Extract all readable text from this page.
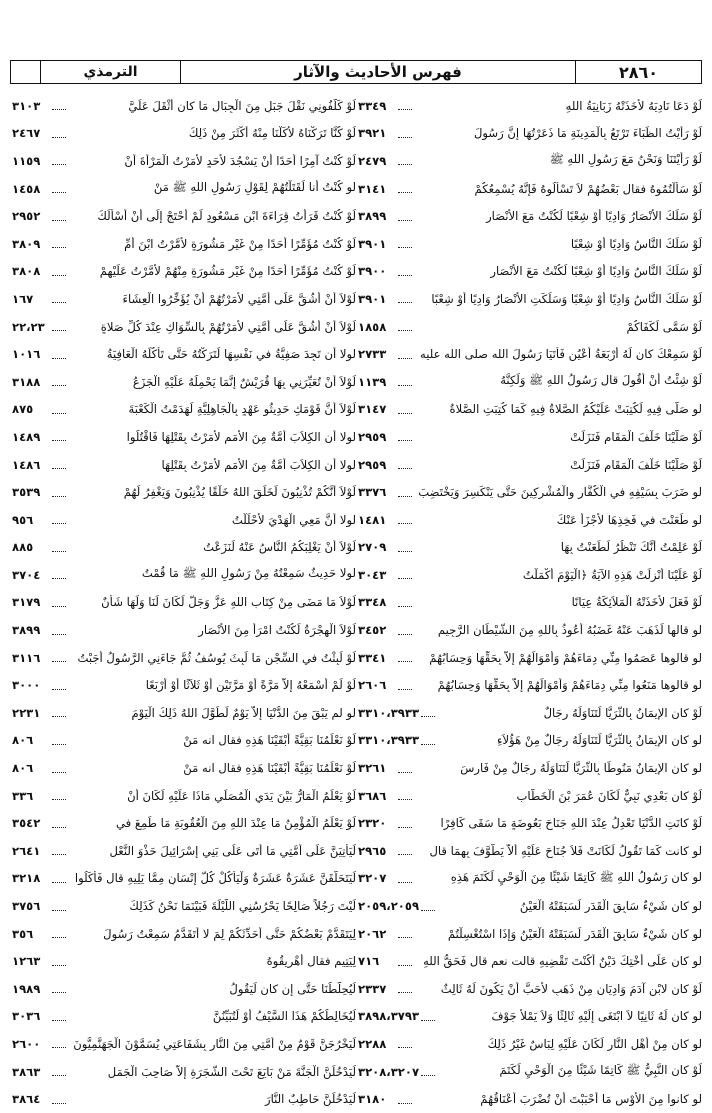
الترمذي	فهرس الأحاديث والآثار	٢٨٦٠
لَوْ دَعَا نَادِيَهُ لأَخَذَتْهُ زَبَانِيَةُ اللهِ
٣٣٤٩
لَوْ رَأَيْتُ الظِّبَاءَ تَرْتَعُ بِالْمَدِينَةِ مَا ذَعَرْتُهَا إِنَّ رَسُولَ
٣٩٢١
لَوْ رَأَيْتَنَا وَنَحْنُ مَعَ رَسُولِ اللهِ ﷺ
٢٤٧٩
لَوْ سَأَلْتُمُوهُ فقال بَعْضُهُمْ لاَ تَسْأَلُوهُ فَإِنَّهُ يُسْمِعُكُمْ
٣١٤١
لَوْ سَلَكَ الأَنْصَارُ وَادِيًا أَوْ شِعْبًا لَكُنْتُ مَعَ الأَنْصَارِ
٣٨٩٩
لَوْ سَلَكَ النَّاسُ وَادِيًا أَوْ شِعْبًا
٣٩٠١
لَوْ سَلَكَ النَّاسُ وَادِيًا أَوْ شِعْبًا لَكُنْتُ مَعَ الأَنْصَارِ
٣٩٠٠
لَوْ سَلَكَ النَّاسُ وَادِيًا أَوْ شِعْبًا وَسَلَكَتِ الأَنْصَارُ وَادِيًا أَوْ شِعْبًا
٣٩٠١
لَوْ سَمَّى لَكَفَاكُمْ
١٨٥٨
لَوْ سَمِعْكَ كان لَهُ أَرْبَعَةُ أَعْيُنٍ فَأَتَيَا رَسُولَ الله صلى الله عليه
٢٧٣٣
لَوْ شِئْتُ أَنْ أَقُولَ قال رَسُولُ اللهِ ﷺ وَلَكِنَّهُ
١١٣٩
لو صَلَّى فِيهِ لَكُتِبَتْ عَلَيْكُمُ الصَّلاةُ فِيهِ كَمَا كُتِبَتِ الصَّلاةُ
٣١٤٧
لَوْ صَلَّيْنَا خَلْفَ الْمَقَامِ فَنَزَلَتْ
٢٩٥٩
لَوْ صَلَّيْنَا خَلْفَ الْمَقَامِ فَنَزَلَتْ
٢٩٥٩
لو ضَرَبَ بِسَيْفِهِ في الْكُفَّارِ والْمُشْرِكِينَ حَتَّى يَنْكَسِرَ وَيَخْتَضِبَ
٣٣٧٦
لو طَعَنْتَ في فَخِذِهَا لأَجْزَأَ عَنْكَ
١٤٨١
لَوْ عَلِمْتُ أَنَّكَ تَنْظُرُ لَطَعَنْتُ بِهَا
٢٧٠٩
لَوْ عَلَيْنَا أُنْزِلَتْ هَذِهِ الآيَةُ ﴿الْيَوْمَ أَكْمَلْتُ
٣٠٤٣
لَوْ فَعَلَ لأَخَذَتْهُ الْمَلاَئِكَةُ عِيَانًا
٣٣٤٨
لو قالها لَذَهَبَ عَنْهُ غَضَبُهُ أَعُوذُ بِاللهِ مِنَ الشَّيْطَانِ الرَّجِيمِ
٣٤٥٢
لو قالوها عَصَمُوا مِنِّي دِمَاءَهُمْ وَأَمْوَالَهُمْ إِلاَّ بِحَقِّهَا وَحِسَابُهُمْ
٣٣٤١
لو قالوها مَنَعُوا مِنِّي دِمَاءَهُمْ وَأَمْوَالَهُمْ إِلاَّ بِحَقِّهَا وَحِسَابُهُمْ
٢٦٠٦
لَوْ كان الإِيمَانُ بِالثُّرَيَّا لَتَنَاوَلَهُ رِجَالٌ
٣٣١٠،٣٩٣٣
لو كان الإِيمَانُ بِالثُّرَيَّا لَتَنَاوَلَهُ رِجَالٌ مِنْ هَؤُلاَءِ
٣٣١٠،٣٩٣٣
لو كان الإِيمَانُ مَنُوطًا بِالثُّرَيَّا لَتَنَاوَلَهُ رِجَالٌ مِنْ فَارِسَ
٣٢٦١
لَوْ كان بَعْدِي نَبِيٌّ لَكَانَ عُمَرَ بْنَ الْخَطَّابِ
٣٦٨٦
لَوْ كانَتِ الدُّنْيَا تَعْدِلُ عِنْدَ اللهِ جَنَاحَ بَعُوضَةٍ مَا سَقَى كَافِرًا
٢٣٢٠
لو كانت كَمَا تَقُولُ لَكَانَتْ فَلاَ جُنَاحَ عَلَيْهِ أَلاَّ يَطَّوَّفَ بِهِمَا قال
٢٩٦٥
لو كان رَسُولُ اللهِ ﷺ كَاتِمًا شَيْئًا مِنَ الْوَحْيِ لَكَتَمَ هَذِهِ
٣٢٠٧
لو كان شَيْءٌ سَابِقَ الْقَدَرِ لَسَبَقَتْهُ الْعَيْنُ
٢٠٥٩،٢٠٥٩
لو كان شَيْءٌ سَابِقَ الْقَدَرِ لَسَبَقَتْهُ الْعَيْنُ وَإِذَا اسْتُغْسِلْتُمْ
٢٠٦٢
لو كان عَلَى أُخْتِكَ دَيْنٌ أَكُنْتَ تَقْضِيهِ قالت نعم قال فَحَقُّ اللهِ
٧١٦
لَوْ كان لابْنِ آدَمَ وَادِيَانِ مِنْ ذَهَبٍ لأَحَبَّ أَنْ يَكُونَ لَهُ ثَالِثٌ
٢٣٣٧
لو كان لَهُ ثَانِيًا لاَ ابْتَغَى إِلَيْهِ ثَالِثًا وَلاَ يَمْلأُ جَوْفَ
٣٨٩٨،٣٧٩٣
لو كان مِنْ أَهْلِ النَّارِ لَكَانَ عَلَيْهِ لِبَاسٌ غَيْرُ ذَلِكَ
٢٢٨٨
لَوْ كان النَّبِيُّ ﷺ كَاتِمًا شَيْئًا مِنَ الْوَحْيِ لَكَتَمَ
٣٢٠٨،٣٢٠٧
لو كانوا مِنَ الأَوْسِ مَا أَحْبَبْتَ أَنْ تُضْرَبَ أَعْنَاقُهُمْ
٣١٨٠
لَوْ كَلَّفُونِي نَقْلَ جَبَلٍ مِنَ الْجِبَالِ مَا كان أَثْقَلَ عَلَيَّ
٣١٠٣
لَوْ كُنَّا تَرَكْنَاهُ لأَكَلْنَا مِنْهُ أَكْثَرَ مِنْ ذَلِكَ
٢٤٦٧
لَوْ كُنْتُ آمِرًا أَحَدًا أَنْ يَسْجُدَ لأَحَدٍ لأَمَرْتُ الْمَرْأَةَ أَنْ
١١٥٩
لو كُنْتُ أنا لَقَتَلْتُهُمْ لِقَوْلِ رَسُولِ اللهِ ﷺ مَنْ
١٤٥٨
لَوْ كُنْتُ قَرَأْتُ قِرَاءَةَ ابْنِ مَسْعُودٍ لَمْ أَحْتَجْ إِلَى أَنْ أَسْأَلَكَ
٢٩٥٢
لَوْ كُنْتُ مُؤَمِّرًا أَحَدًا مِنْ غَيْرِ مَشُورَةٍ لأَمَّرْتُ ابْنَ أُمِّ
٣٨٠٩
لَوْ كُنْتُ مُؤَمِّرًا أَحَدًا مِنْ غَيْرِ مَشُورَةٍ مِنْهُمْ لأَمَّرْتُ عَلَيْهِمْ
٣٨٠٨
لَوْلاَ أَنْ أَشُقَّ عَلَى أُمَّتِي لأَمَرْتُهُمْ أَنْ يُؤَخِّرُوا الْعِشَاءَ
١٦٧
لَوْلاَ أَنْ أَشُقَّ عَلَى أُمَّتِي لأَمَرْتُهُمْ بِالسِّوَاكِ عِنْدَ كُلِّ صَلاةٍ
٢٢،٢٣
لولا أن تَجِدَ صَفِيَّةُ في نَفْسِهَا لَتَرَكْتُهُ حَتَّى تَأْكُلَهُ الْعَافِيَةُ
١٠١٦
لَوْلاَ أَنْ تُعَيِّرَنِي بِهَا قُرَيْشٌ إِنَّمَا يَحْمِلُهُ عَلَيْهِ الْجَزَعُ
٣١٨٨
لَوْلاَ أَنَّ قَوْمَكِ حَدِيثُو عَهْدٍ بِالْجَاهِلِيَّةِ لَهَدَمْتُ الْكَعْبَةَ
٨٧٥
لولا أن الكِلاَبَ أُمَّةٌ مِنَ الأُمَمِ لأَمَرْتُ بِقَتْلِهَا فَاقْتُلُوا
١٤٨٩
لولا أن الكِلاَبَ أُمَّةٌ مِنَ الأُمَمِ لأَمَرْتُ بِقَتْلِهَا
١٤٨٦
لَوْلاَ أَنَّكُمْ تُذْنِبُونَ لَخَلَقَ اللهُ خَلْقًا يُذْنِبُونَ وَيَغْفِرُ لَهُمْ
٣٥٣٩
لولا أَنَّ مَعِي الْهَدْيَ لأَحْلَلْتُ
٩٥٦
لَوْلاَ أَنْ يَغْلِبَكُمُ النَّاسُ عَنْهُ لَنَزَعْتُ
٨٨٥
لولا حَدِيثٌ سَمِعْتُهُ مِنْ رَسُولِ اللهِ ﷺ مَا قُمْتُ
٣٧٠٤
لَوْلاَ مَا مَضَى مِنْ كِتَابِ اللهِ عَزَّ وَجَلَّ لَكَانَ لَنَا وَلَهَا شَأْنٌ
٣١٧٩
لَوْلاَ الْهِجْرَةُ لَكُنْتُ امْرَأً مِنَ الأَنْصَارِ
٣٨٩٩
لَوْ لَبِثْتُ في السِّجْنِ مَا لَبِثَ يُوسُفُ ثُمَّ جَاءَنِي الرَّسُولُ أَجَبْتُ
٣١١٦
لَوْ لَمْ أَسْمَعْهُ إِلاَّ مَرَّةً أَوْ مَرَّتَيْنِ أَوْ ثَلاَثًا أَوْ أَرْبَعًا
٣٠٠٠
لو لم يَبْقَ مِنَ الدُّنْيَا إِلاَّ يَوْمٌ لَطَوَّلَ اللهُ ذَلِكَ الْيَوْمَ
٢٢٣١
لَوْ نَعْلَمُنَا بَقِيَّةً أَبْقَيْنَا هَذِهِ فقال انه مَنْ
٨٠٦
لَوْ نَعْلَمُنَا بَقِيَّةً أَبْقَيْنَا هَذِهِ فقال انه مَنْ
٨٠٦
لَوْ يَعْلَمُ الْمَارُّ بَيْنَ يَدَيِ الْمُصَلِّي مَاذَا عَلَيْهِ لَكَانَ أَنْ
٣٣٦
لَوْ يَعْلَمُ الْمُؤْمِنُ مَا عِنْدَ اللهِ مِنَ الْعُقُوبَةِ مَا طَمِعَ في
٣٥٤٢
لَيَأْتِيَنَّ عَلَى أُمَّتِي مَا أَتَى عَلَى بَنِي إِسْرَائِيلَ حَذْوَ النَّعْلِ
٢٦٤١
لَيَتَحَلَّقَنَّ عَشَرَةٌ عَشَرَةٌ وَلْيَأْكُلْ كُلُّ إِنْسَانٍ مِمَّا يَلِيهِ قال فَأَكَلُوا
٣٢١٨
لَيْتَ رَجُلاً صَالِحًا يَحْرُسُنِي اللَّيْلَةَ فَبَيْنَمَا نَحْنُ كَذَلِكَ
٣٧٥٦
لِيَتَقَدَّمْ بَعْضُكُمْ حَتَّى أَحَدِّثَكُمْ لِمَ لا أَتَقَدَّمُ سَمِعْتُ رَسُولَ
٣٥٦
لِيَتِيمِ فقال أَهْرِيقُوهُ
١٢٦٣
لَيُحِلَّطُنَا حَتَّى إن كان لَيَقُولُ
١٩٨٩
لَيُخَالِطُكُمْ هَذَا السَّيْفُ أَوْ لَتُبَيِّنُنَّ
٣٠٣٦
لَيَخْرُجَنَّ قَوْمٌ مِنْ أُمَّتِي مِنَ النَّارِ بِشَفَاعَتِي يُسَمَّوْنَ الْجَهَنَّمِيُّونَ
٢٦٠٠
لَيَدْخُلَنَّ الْجَنَّةَ مَنْ بَايَعَ تَحْتَ الشَّجَرَةِ إِلاَّ صَاحِبَ الْجَمَلِ
٣٨٦٣
لَيَدْخُلَنَّ حَاطِبٌ النَّارَ
٣٨٦٤
